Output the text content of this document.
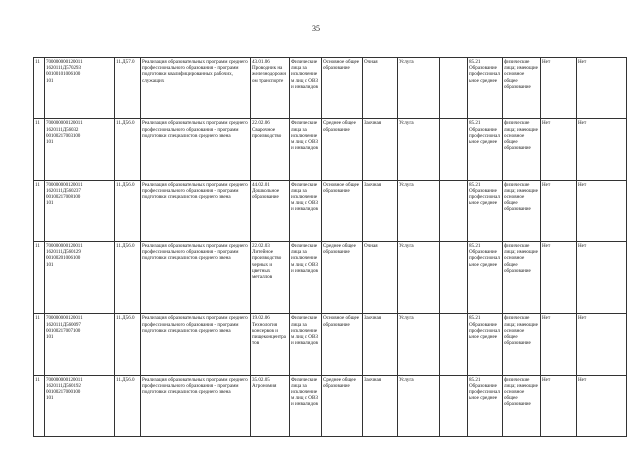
35
11	700000000120011
1620111Д57029З
00100101006100
101	11.Д57.0	Реализация образовательных программ среднего профессионального образования - программ подготовки квалифицированных рабочих, служащих	43.01.06 Проводник на железнодорожном транспорте	Физические лица за исключением лиц с ОВЗ и инвалидов	Основное общее образование	Очная	Услуга		85.21 Образование профессиональное среднее	физические лица; имеющие основное общее образование	Нет	Нет
11	700000000120011
1620111Д56032
00100217003100
101	11.Д56.0	Реализация образовательных программ среднего профессионального образования - программ подготовки специалистов среднего звена	22.02.06 Сварочное производство	Физические лица за исключением лиц с ОВЗ и инвалидов	Среднее общее образование	Заочная	Услуга		85.21 Образование профессиональное среднее	физические лица; имеющие основное общее образование	Нет	Нет
11	700000000120011
1620111Д560237
00100217008100
101	11.Д56.0	Реализация образовательных программ среднего профессионального образования - программ подготовки специалистов среднего звена	44.02.01 Дошкольное образование	Физические лица за исключением лиц с ОВЗ и инвалидов	Основное общее образование	Заочная	Услуга		85.21 Образование профессиональное среднее	физические лица; имеющие основное общее образование	Нет	Нет
11	700000000120011
1620111Д560129
00100201006100
101	11.Д56.0	Реализация образовательных программ среднего профессионального образования - программ подготовки специалистов среднего звена	22.02.03 Литейное производство черных и цветных металлов	Физические лица за исключением лиц с ОВЗ и инвалидов	Среднее общее образование	Очная	Услуга		85.21 Образование профессиональное среднее	физические лица; имеющие основное общее образование	Нет	Нет
11	700000000120011
1620111Д560097
00100217007100
101	11.Д56.0	Реализация образовательных программ среднего профессионального образования - программ подготовки специалистов среднего звена	19.02.06 Технология консервов и пищеконцентратов	Физические лица за исключением лиц с ОВЗ и инвалидов	Основное общее образование	Заочная	Услуга		85.21 Образование профессиональное среднее	физические лица; имеющие основное общее образование	Нет	Нет
11	700000000120011
1620111Д560192
00100217000100
101	11.Д56.0	Реализация образовательных программ среднего профессионального образования - программ подготовки специалистов среднего звена	35.02.05 Агрономия	Физические лица за исключением лиц с ОВЗ и инвалидов	Среднее общее образование	Заочная	Услуга		85.21 Образование профессиональное среднее	физические лица; имеющие основное общее образование	Нет	Нет
